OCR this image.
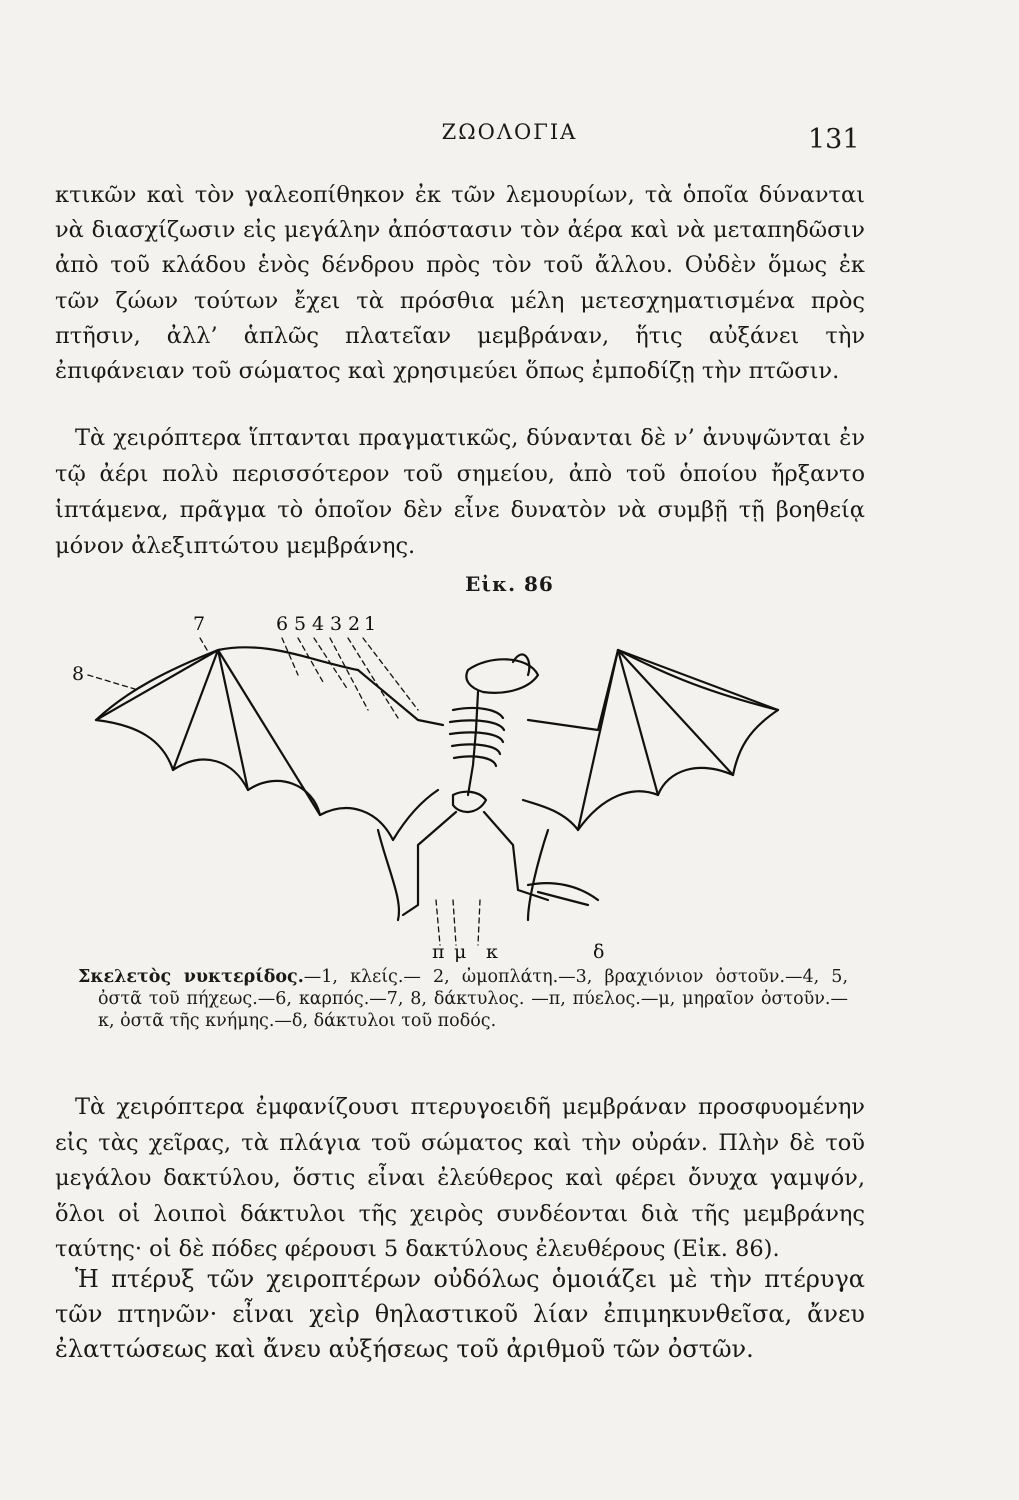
ΖΩΟΛΟΓΙΑ	131

κτικῶν καὶ τὸν γαλεοπίθηκον ἐκ τῶν λεμουρίων, τὰ ὁποῖα δύνανται νὰ διασχίζωσιν εἰς μεγάλην ἀπόστασιν τὸν ἀέρα καὶ νὰ μεταπηδῶσιν ἀπὸ τοῦ κλάδου ἑνὸς δένδρου πρὸς τὸν τοῦ ἄλλου. Οὐδὲν ὅμως ἐκ τῶν ζώων τούτων ἔχει τὰ πρόσθια μέλη μετεσχηματισμένα πρὸς πτῆσιν, ἀλλ’ ἁπλῶς πλατεῖαν μεμβράναν, ἥτις αὐξάνει τὴν ἐπιφάνειαν τοῦ σώματος καὶ χρησιμεύει ὅπως ἐμποδίζῃ τὴν πτῶσιν.

Τὰ χειρόπτερα ἵπτανται πραγματικῶς, δύνανται δὲ ν’ ἀνυψῶνται ἐν τῷ ἀέρι πολὺ περισσότερον τοῦ σημείου, ἀπὸ τοῦ ὁποίου ἤρξαντο ἱπτάμενα, πρᾶγμα τὸ ὁποῖον δὲν εἶνε δυνατὸν νὰ συμβῇ τῇ βοηθείᾳ μόνον ἀλεξιπτώτου μεμβράνης.

Εἰκ. 86
7	6 5 4 3 2 1
8
π μ κ	δ

Σκελετὸς νυκτερίδος.—1, κλείς.— 2, ὠμοπλάτη.—3, βραχιόνιον ὀστοῦν.—4, 5, ὀστᾶ τοῦ πήχεως.—6, καρπός.—7, 8, δάκτυλος. —π, πύελος.—μ, μηραῖον ὀστοῦν.—κ, ὀστᾶ τῆς κνήμης.—δ, δάκτυλοι τοῦ ποδός.

Τὰ χειρόπτερα ἐμφανίζουσι πτερυγοειδῆ μεμβράναν προσφυομένην εἰς τὰς χεῖρας, τὰ πλάγια τοῦ σώματος καὶ τὴν οὐράν. Πλὴν δὲ τοῦ μεγάλου δακτύλου, ὅστις εἶναι ἐλεύθερος καὶ φέρει ὄνυχα γαμψόν, ὅλοι οἱ λοιποὶ δάκτυλοι τῆς χειρὸς συνδέονται διὰ τῆς μεμβράνης ταύτης· οἱ δὲ πόδες φέρουσι 5 δακτύλους ἐλευθέρους (Εἰκ. 86).

Ἡ πτέρυξ τῶν χειροπτέρων οὐδόλως ὁμοιάζει μὲ τὴν πτέρυγα τῶν πτηνῶν· εἶναι χεὶρ θηλαστικοῦ λίαν ἐπιμηκυνθεῖσα, ἄνευ ἐλαττώσεως καὶ ἄνευ αὐξήσεως τοῦ ἀριθμοῦ τῶν ὀστῶν.
